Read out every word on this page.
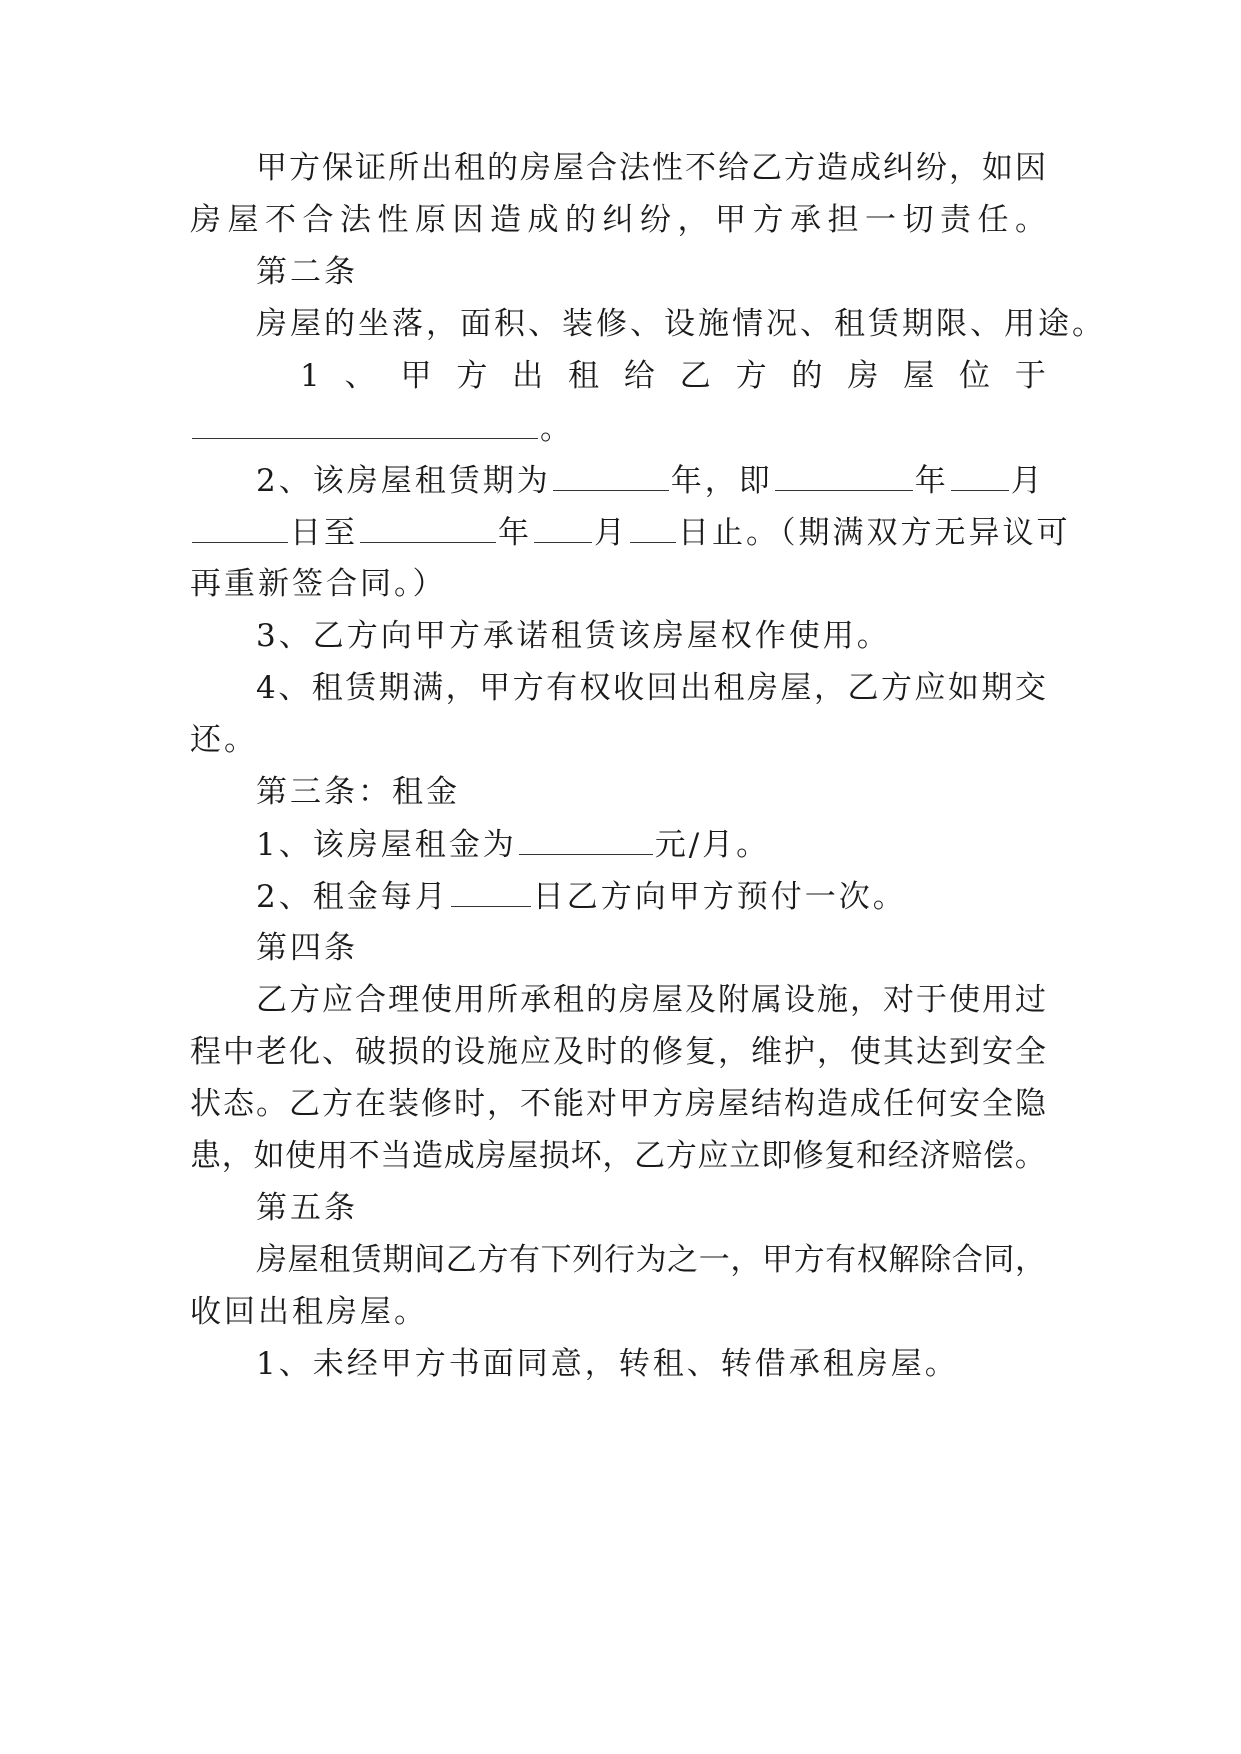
甲 方 保 证 所 出 租 的 房 屋 合 法 性 不 给 乙 方 造 成 纠 纷 ， 如 因
房 屋 不 合 法 性 原 因 造 成 的 纠 纷 ， 甲 方 承 担 一 切 责 任 。
第二条
房屋的坐落，面积、装修、设施情况、租赁期限、用途。
1 、 甲 方 出 租 给 乙 方 的 房 屋 位 于
。
2、该房屋租赁期为	年，即	年 月
日至	年 月 日止。（期满双方无异议可
再重新签合同。）
3、乙方向甲方承诺租赁该房屋权作使用。
4 、 租 赁 期 满 ， 甲 方 有 权 收 回 出 租 房 屋 ， 乙 方 应 如 期 交
还。
第三条：租金
1、该房屋租金为	元/月。
2、租金每月	日乙方向甲方预付一次。
第四条
乙 方 应 合 理 使 用 所 承 租 的 房 屋 及 附 属 设 施 ， 对 于 使 用 过
程 中 老 化 、 破 损 的 设 施 应 及 时 的 修 复 ， 维 护 ， 使 其 达 到 安 全
状 态 。 乙 方 在 装 修 时 ， 不 能 对 甲 方 房 屋 结 构 造 成 任 何 安 全 隐
患 ， 如 使 用 不 当 造 成 房 屋 损 坏 ， 乙 方 应 立 即 修 复 和 经 济 赔 偿 。
第五条
房 屋 租 赁 期 间 乙 方 有 下 列 行 为 之 一 ， 甲 方 有 权 解 除 合 同 ，
收回出租房屋。
1、未经甲方书面同意，转租、转借承租房屋。
